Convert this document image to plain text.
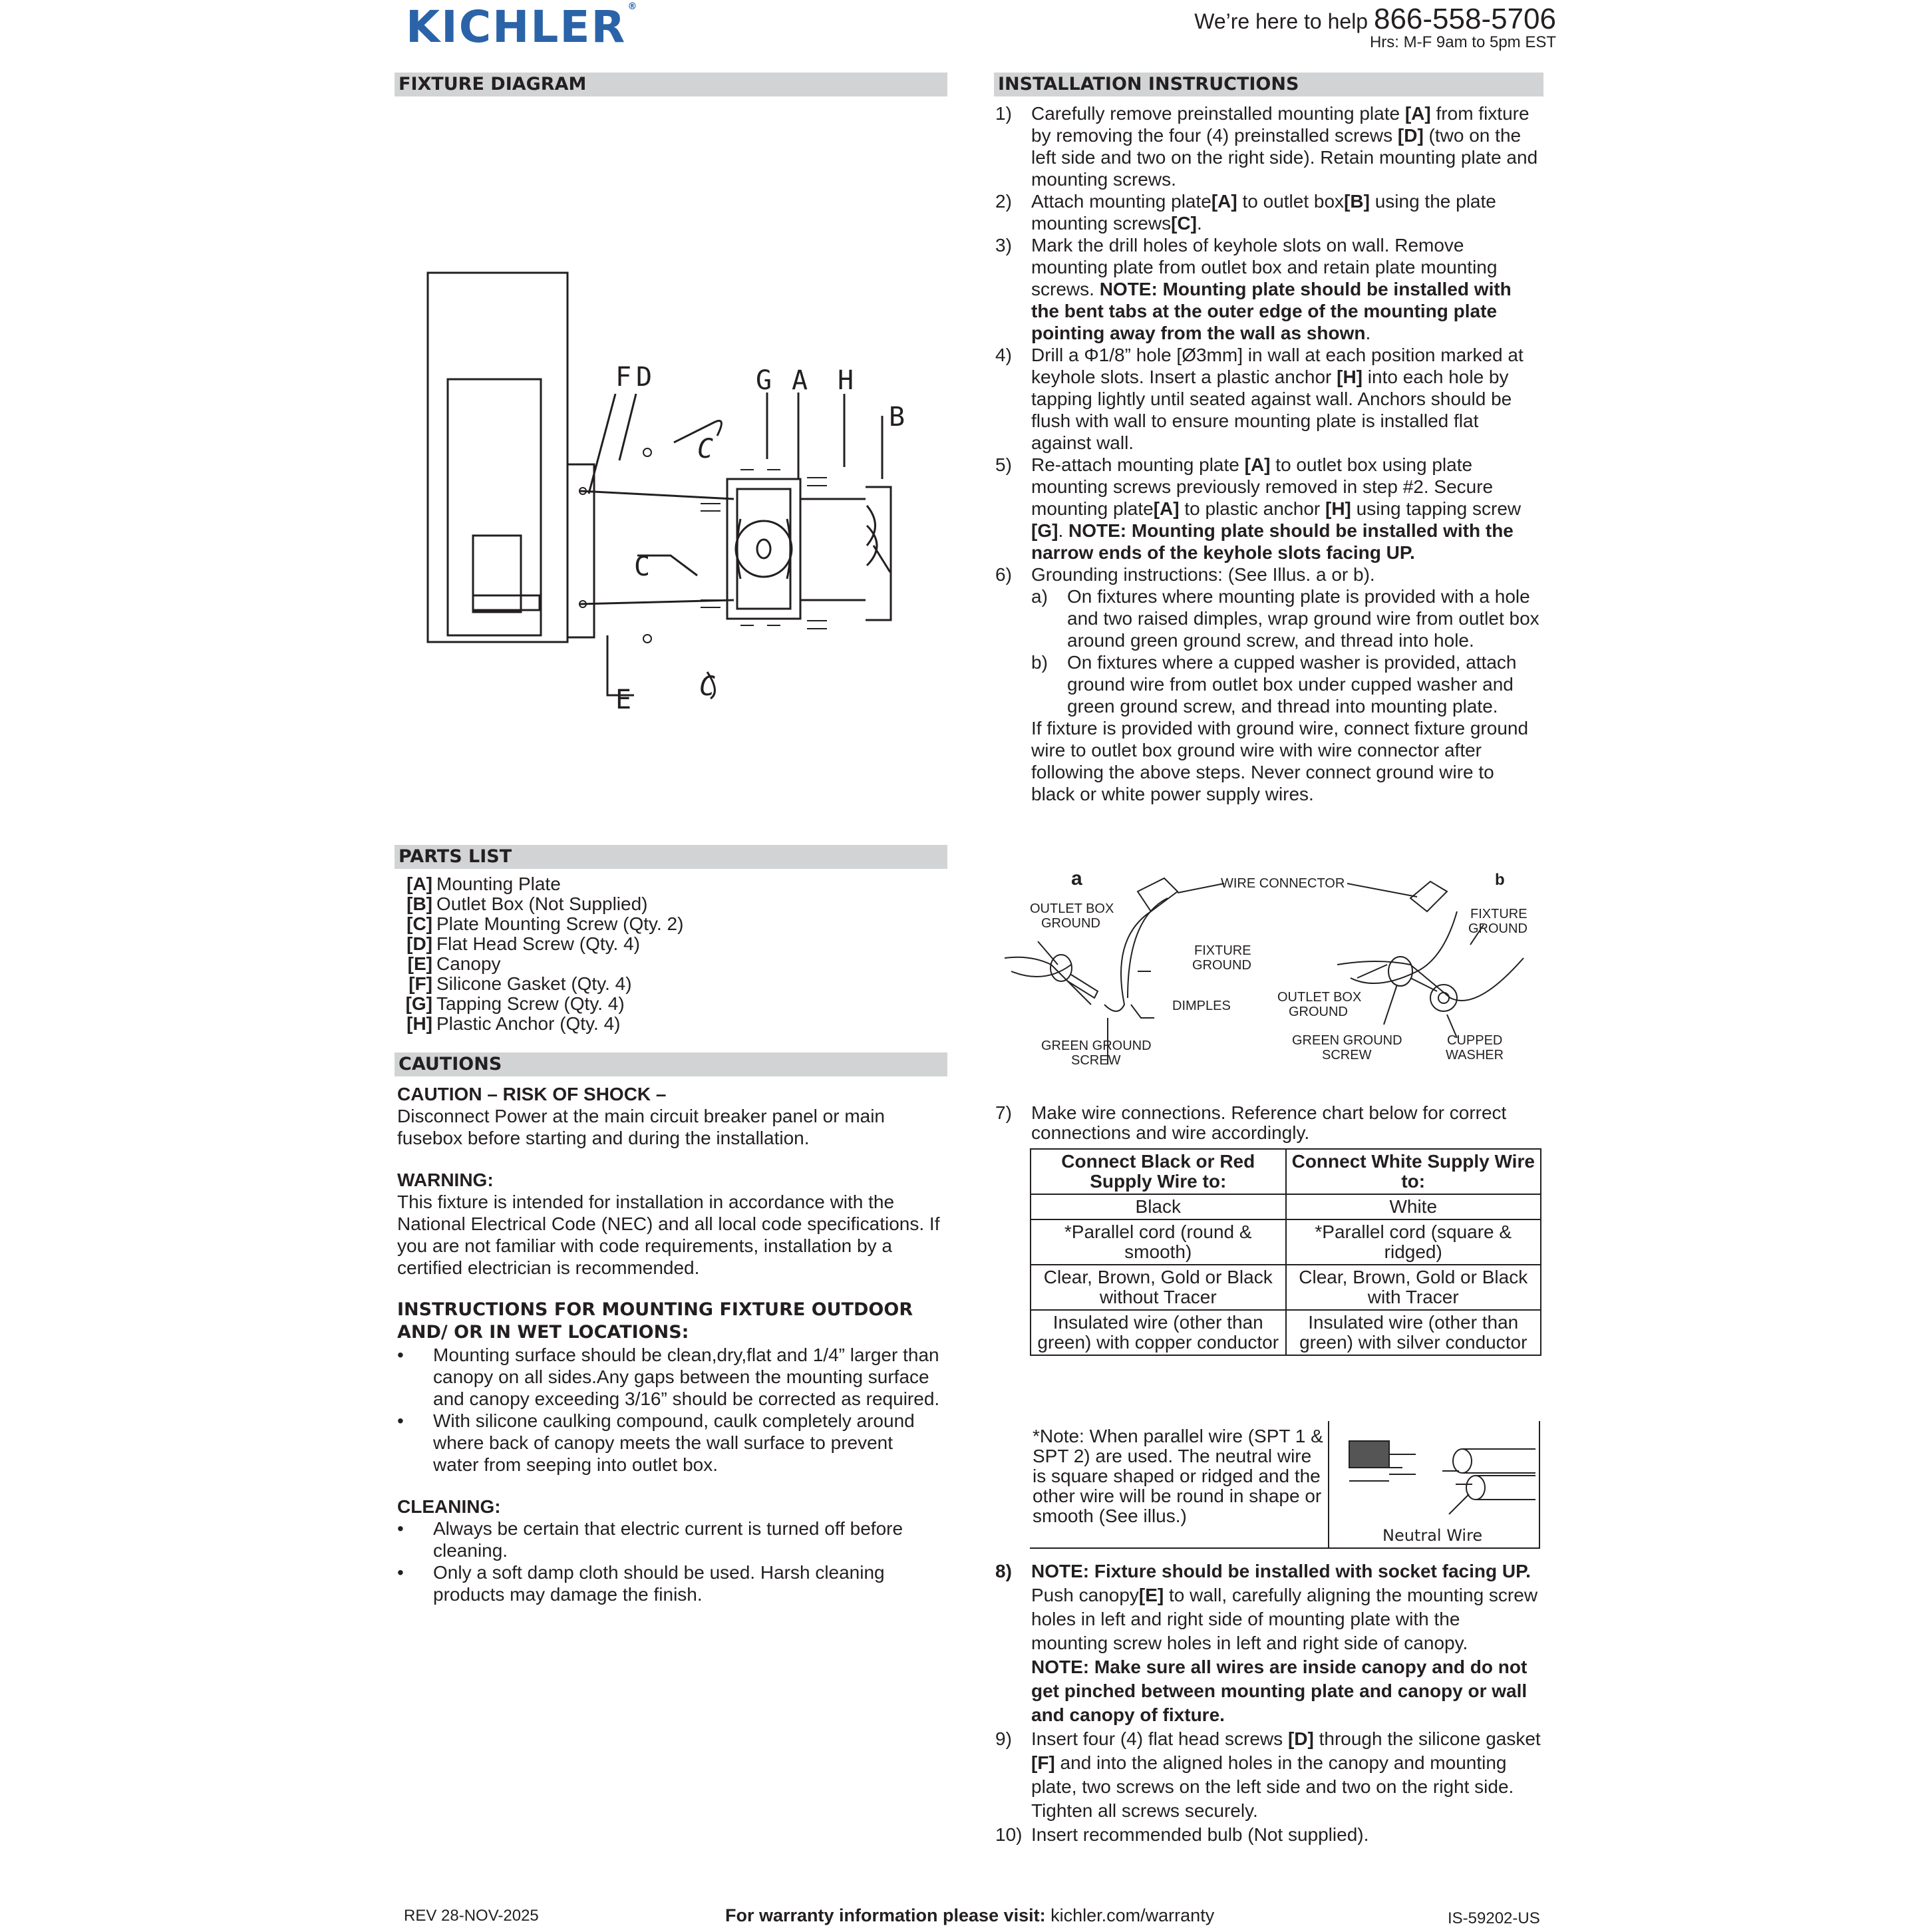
KICHLER ®
We’re here to help 866-558-5706
Hrs: M-F 9am to 5pm EST
FIXTURE DIAGRAM
F D	G A H
B
C
C
C
E
PARTS LIST
[A] Mounting Plate
[B] Outlet Box (Not Supplied)
[C] Plate Mounting Screw (Qty. 2)
[D] Flat Head Screw (Qty. 4)
[E] Canopy
[F] Silicone Gasket (Qty. 4)
[G] Tapping Screw (Qty. 4)
[H] Plastic Anchor (Qty. 4)
CAUTIONS
CAUTION – RISK OF SHOCK –
Disconnect Power at the main circuit breaker panel or main fusebox before starting and during the installation.
WARNING:
This fixture is intended for installation in accordance with the National Electrical Code (NEC) and all local code specifications. If you are not familiar with code requirements, installation by a certified electrician is recommended.
INSTRUCTIONS FOR MOUNTING FIXTURE OUTDOOR AND/ OR IN WET LOCATIONS:
• Mounting surface should be clean,dry,flat and 1/4” larger than canopy on all sides.Any gaps between the mounting surface and canopy exceeding 3/16” should be corrected as required.
• With silicone caulking compound, caulk completely around where back of canopy meets the wall surface to prevent water from seeping into outlet box.
CLEANING:
• Always be certain that electric current is turned off before cleaning.
• Only a soft damp cloth should be used. Harsh cleaning products may damage the finish.
INSTALLATION INSTRUCTIONS
1) Carefully remove preinstalled mounting plate [A] from fixture by removing the four (4) preinstalled screws [D] (two on the left side and two on the right side). Retain mounting plate and mounting screws.
2) Attach mounting plate[A] to outlet box[B] using the plate mounting screws[C].
3) Mark the drill holes of keyhole slots on wall. Remove mounting plate from outlet box and retain plate mounting screws. NOTE: Mounting plate should be installed with the bent tabs at the outer edge of the mounting plate pointing away from the wall as shown.
4) Drill a Φ1/8” hole [Ø3mm] in wall at each position marked at keyhole slots. Insert a plastic anchor [H] into each hole by tapping lightly until seated against wall. Anchors should be flush with wall to ensure mounting plate is installed flat against wall.
5) Re-attach mounting plate [A] to outlet box using plate mounting screws previously removed in step #2. Secure mounting plate[A] to plastic anchor [H] using tapping screw [G]. NOTE: Mounting plate should be installed with the narrow ends of the keyhole slots facing UP.
6) Grounding instructions: (See Illus. a or b).
a) On fixtures where mounting plate is provided with a hole and two raised dimples, wrap ground wire from outlet box around green ground screw, and thread into hole.
b) On fixtures where a cupped washer is provided, attach ground wire from outlet box under cupped washer and green ground screw, and thread into mounting plate.
If fixture is provided with ground wire, connect fixture ground wire to outlet box ground wire with wire connector after following the above steps. Never connect ground wire to black or white power supply wires.
a	b
WIRE CONNECTOR
OUTLET BOX
GROUND
FIXTURE
GROUND
DIMPLES
GREEN GROUND
SCREW
FIXTURE
GROUND
OUTLET BOX
GROUND
GREEN GROUND
SCREW
CUPPED
WASHER
7) Make wire connections. Reference chart below for correct connections and wire accordingly.
Connect Black or Red Supply Wire to:	Connect White Supply Wire to:
Black	White
*Parallel cord (round & smooth)	*Parallel cord (square & ridged)
Clear, Brown, Gold or Black without Tracer	Clear, Brown, Gold or Black with Tracer
Insulated wire (other than green) with copper conductor	Insulated wire (other than green) with silver conductor
*Note: When parallel wire (SPT 1 & SPT 2) are used. The neutral wire is square shaped or ridged and the other wire will be round in shape or smooth (See illus.)
Neutral Wire
8) NOTE: Fixture should be installed with socket facing UP. Push canopy[E] to wall, carefully aligning the mounting screw holes in left and right side of mounting plate with the mounting screw holes in left and right side of canopy.
NOTE: Make sure all wires are inside canopy and do not get pinched between mounting plate and canopy or wall and canopy of fixture.
9) Insert four (4) flat head screws [D] through the silicone gasket [F] and into the aligned holes in the canopy and mounting plate, two screws on the left side and two on the right side. Tighten all screws securely.
10) Insert recommended bulb (Not supplied).
REV 28-NOV-2025	For warranty information please visit: kichler.com/warranty	IS-59202-US
